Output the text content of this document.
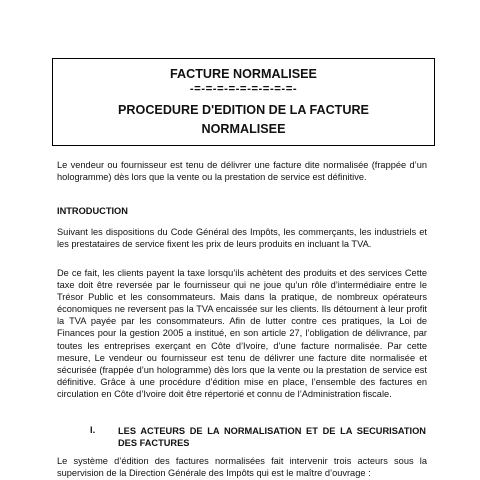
FACTURE NORMALISEE
-=-=-=-=-=-=-=-=-=-
PROCEDURE D'EDITION DE LA FACTURE
NORMALISEE
Le vendeur ou fournisseur est tenu de délivrer une facture dite normalisée (frappée d’un hologramme) dès lors que la vente ou la prestation de service est définitive.
INTRODUCTION
Suivant les dispositions du Code Général des Impôts, les commerçants, les industriels et les prestataires de service fixent les prix de leurs produits en incluant la TVA.
De ce fait, les clients payent la taxe lorsqu’ils achètent des produits et des services Cette taxe doit être reversée par le fournisseur qui ne joue qu’un rôle d’intermédiaire entre le Trésor Public et les consommateurs. Mais dans la pratique, de nombreux opérateurs économiques ne reversent pas la TVA encaissée sur les clients. Ils détournent à leur profit la TVA payée par les consommateurs. Afin de lutter contre ces pratiques, la Loi de Finances pour la gestion 2005 a institué, en son article 27, l’obligation de délivrance, par toutes les entreprises exerçant en Côte d’Ivoire, d’une facture normalisée. Par cette mesure, Le vendeur ou fournisseur est tenu de délivrer une facture dite normalisée et sécurisée (frappée d’un hologramme) dès lors que la vente ou la prestation de service est définitive. Grâce à une procédure d’édition mise en place, l’ensemble des factures en circulation en Côte d’Ivoire doit être répertorié et connu de l’Administration fiscale.
I. LES ACTEURS DE LA NORMALISATION ET DE LA SECURISATION DES FACTURES
Le système d’édition des factures normalisées fait intervenir trois acteurs sous la supervision de la Direction Générale des Impôts qui est le maître d’ouvrage :
